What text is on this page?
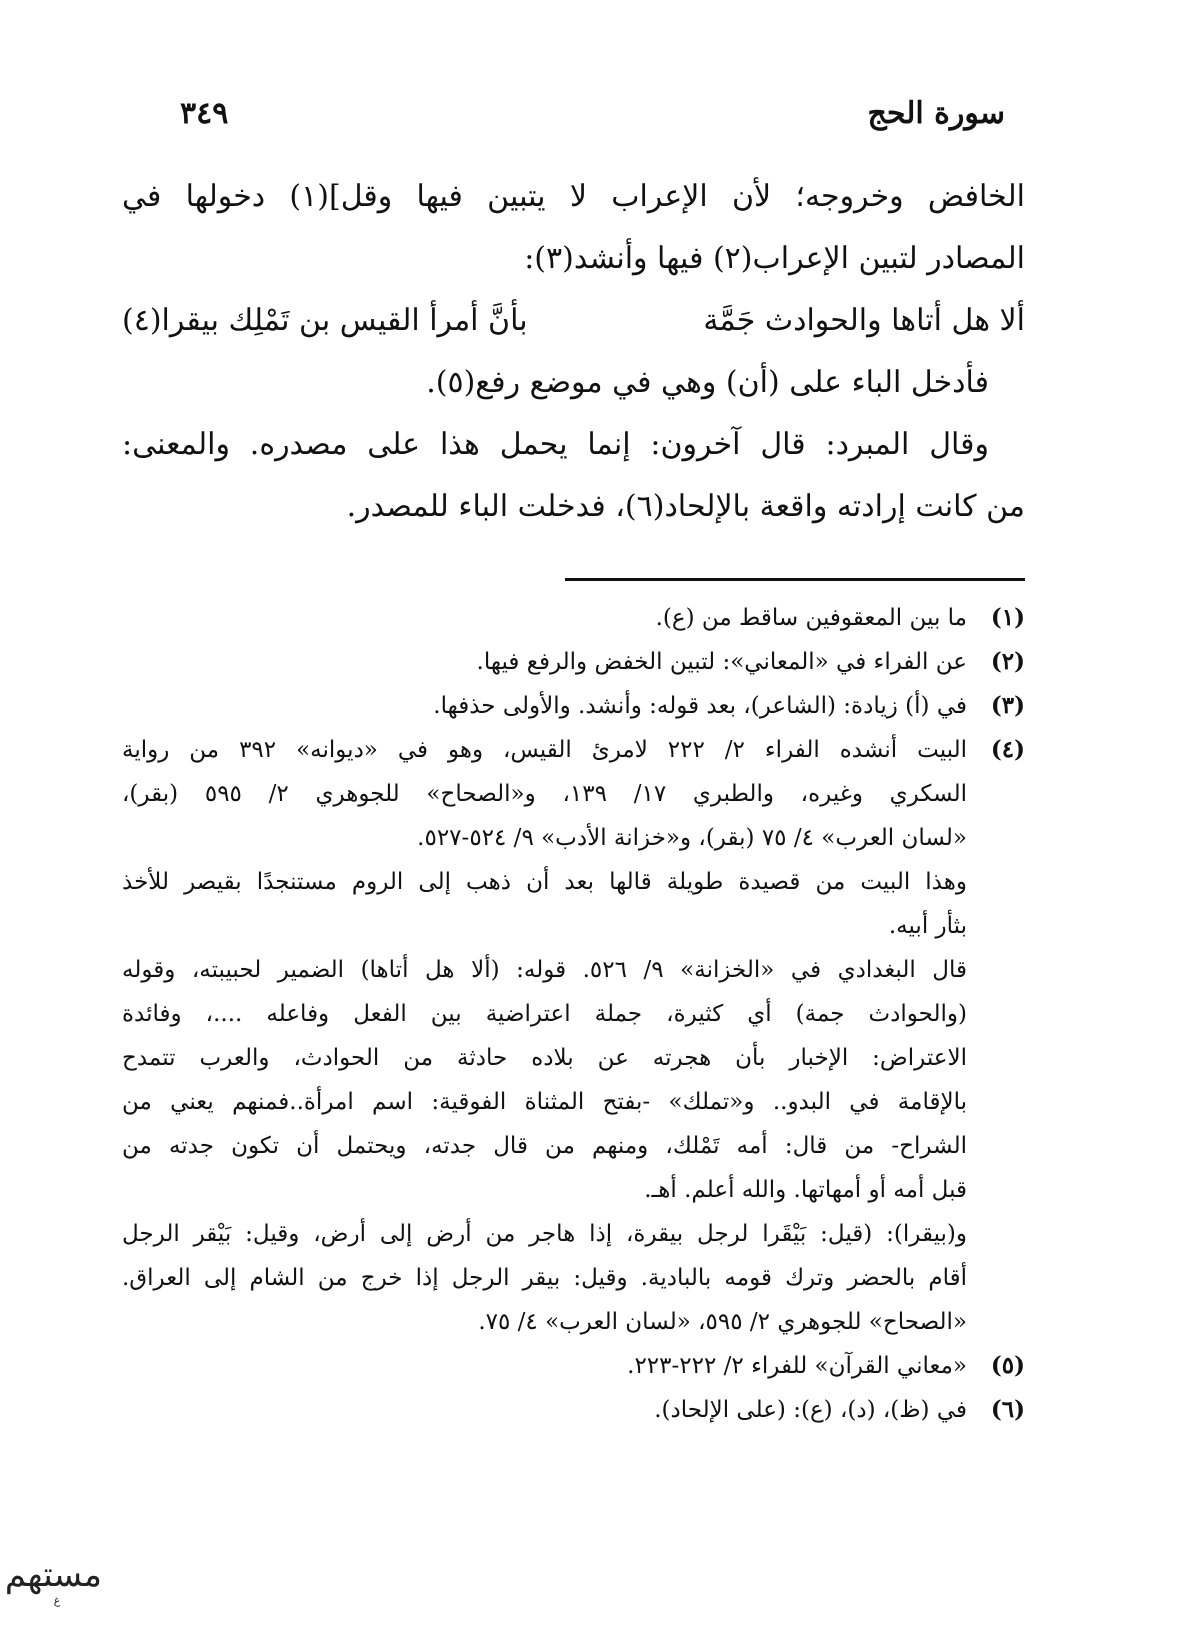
سورة الحج
٣٤٩
الخافض وخروجه؛ لأن الإعراب لا يتبين فيها وقل](١) دخولها في
المصادر لتبين الإعراب(٢) فيها وأنشد(٣):
ألا هل أتاها والحوادث جَمَّة
بأنَّ أمرأ القيس بن تَمْلِك بيقرا(٤)
فأدخل الباء على (أن) وهي في موضع رفع(٥).
وقال المبرد: قال آخرون: إنما يحمل هذا على مصدره. والمعنى:
من كانت إرادته واقعة بالإلحاد(٦)، فدخلت الباء للمصدر.
(١)
ما بين المعقوفين ساقط من (ع).
(٢)
عن الفراء في «المعاني»: لتبين الخفض والرفع فيها.
(٣)
في (أ) زيادة: (الشاعر)، بعد قوله: وأنشد. والأولى حذفها.
(٤)
البيت أنشده الفراء ٢/ ٢٢٢ لامرئ القيس، وهو في «ديوانه» ٣٩٢ من رواية
السكري وغيره، والطبري ١٧/ ١٣٩، و«الصحاح» للجوهري ٢/ ٥٩٥ (بقر)،
«لسان العرب» ٤/ ٧٥ (بقر)، و«خزانة الأدب» ٩/ ٥٢٤-٥٢٧.
وهذا البيت من قصيدة طويلة قالها بعد أن ذهب إلى الروم مستنجدًا بقيصر للأخذ
بثأر أبيه.
قال البغدادي في «الخزانة» ٩/ ٥٢٦. قوله: (ألا هل أتاها) الضمير لحبيبته، وقوله
(والحوادث جمة) أي كثيرة، جملة اعتراضية بين الفعل وفاعله ....، وفائدة
الاعتراض: الإخبار بأن هجرته عن بلاده حادثة من الحوادث، والعرب تتمدح
بالإقامة في البدو.. و«تملك» -بفتح المثناة الفوقية: اسم امرأة..فمنهم يعني من
الشراح- من قال: أمه تَمْلك، ومنهم من قال جدته، ويحتمل أن تكون جدته من
قبل أمه أو أمهاتها. والله أعلم. أهـ.
و(بيقرا): (قيل: بَيْقَرا لرجل بيقرة، إذا هاجر من أرض إلى أرض، وقيل: بَيْقر الرجل
أقام بالحضر وترك قومه بالبادية. وقيل: بيقر الرجل إذا خرج من الشام إلى العراق.
«الصحاح» للجوهري ٢/ ٥٩٥، «لسان العرب» ٤/ ٧٥.
(٥)
«معاني القرآن» للفراء ٢/ ٢٢٢-٢٢٣.
(٦)
في (ظ)، (د)، (ع): (على الإلحاد).
مستهم
غ
